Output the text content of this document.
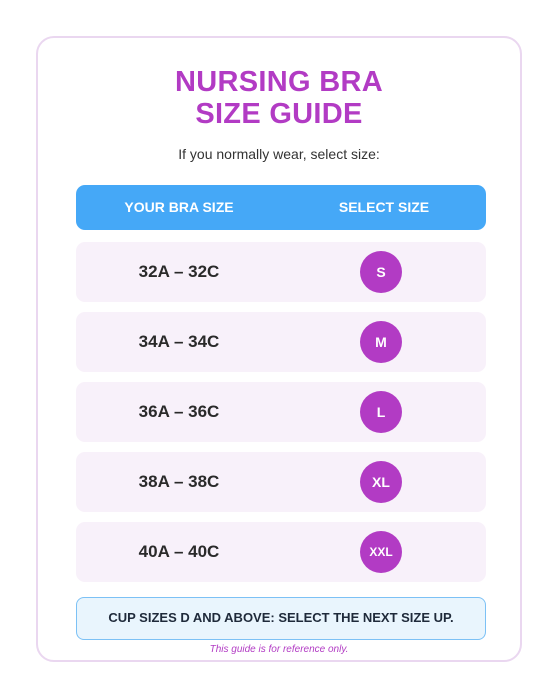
NURSING BRA
SIZE GUIDE
If you normally wear, select size:
YOUR BRA SIZE	SELECT SIZE
32A – 32C	S
34A – 34C	M
36A – 36C	L
38A – 38C	XL
40A – 40C	XXL
CUP SIZES D AND ABOVE: SELECT THE NEXT SIZE UP.
This guide is for reference only.
